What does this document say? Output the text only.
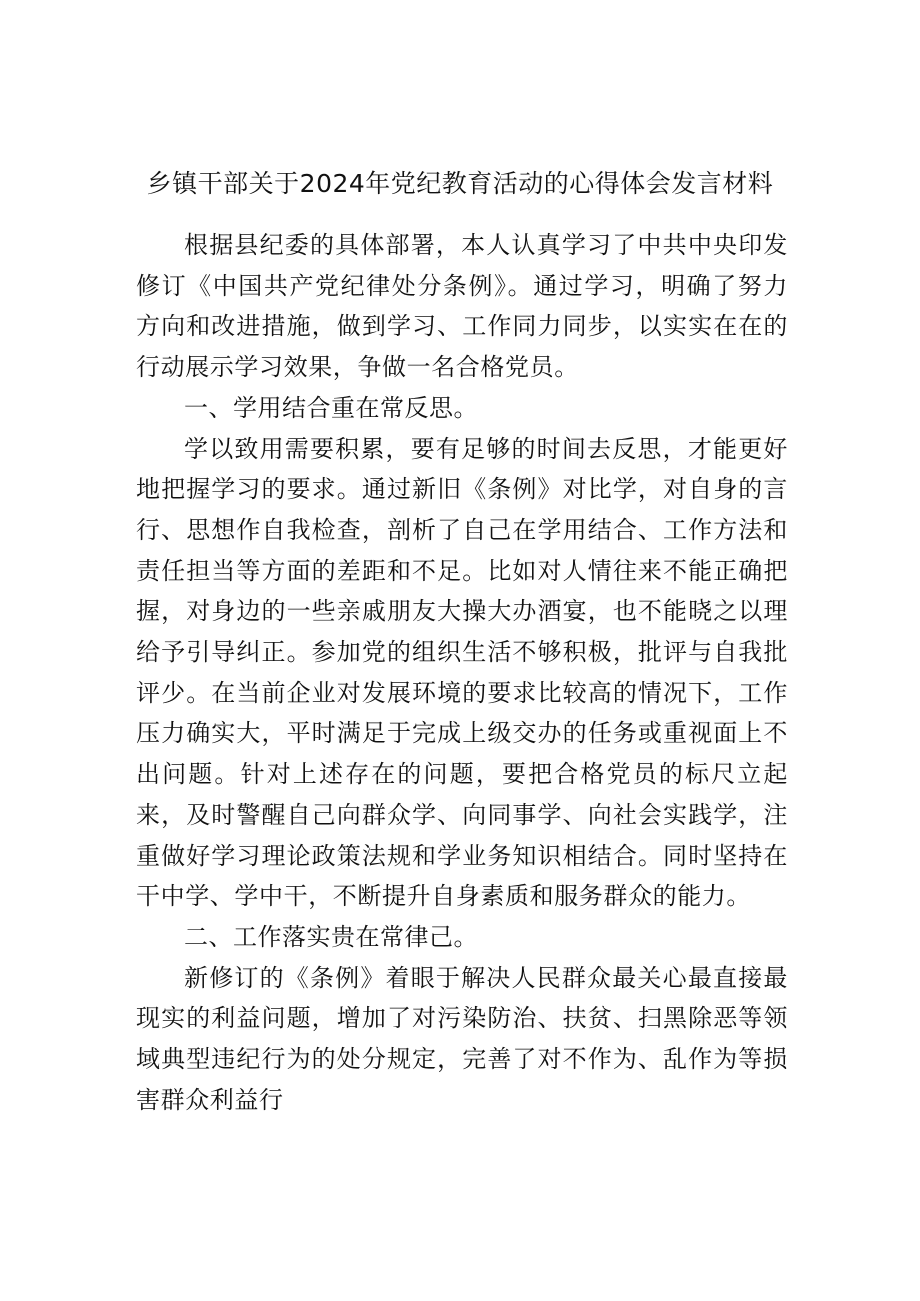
乡镇干部关于2024年党纪教育活动的心得体会发言材料

根据县纪委的具体部署，本人认真学习了中共中央印发修订《中国共产党纪律处分条例》。通过学习，明确了努力方向和改进措施，做到学习、工作同力同步，以实实在在的行动展示学习效果，争做一名合格党员。

一、学用结合重在常反思。

学以致用需要积累，要有足够的时间去反思，才能更好地把握学习的要求。通过新旧《条例》对比学，对自身的言行、思想作自我检查，剖析了自己在学用结合、工作方法和责任担当等方面的差距和不足。比如对人情往来不能正确把握，对身边的一些亲戚朋友大操大办酒宴，也不能晓之以理给予引导纠正。参加党的组织生活不够积极，批评与自我批评少。在当前企业对发展环境的要求比较高的情况下，工作压力确实大，平时满足于完成上级交办的任务或重视面上不出问题。针对上述存在的问题，要把合格党员的标尺立起来，及时警醒自己向群众学、向同事学、向社会实践学，注重做好学习理论政策法规和学业务知识相结合。同时坚持在干中学、学中干，不断提升自身素质和服务群众的能力。

二、工作落实贵在常律己。

新修订的《条例》着眼于解决人民群众最关心最直接最现实的利益问题，增加了对污染防治、扶贫、扫黑除恶等领域典型违纪行为的处分规定，完善了对不作为、乱作为等损害群众利益行
